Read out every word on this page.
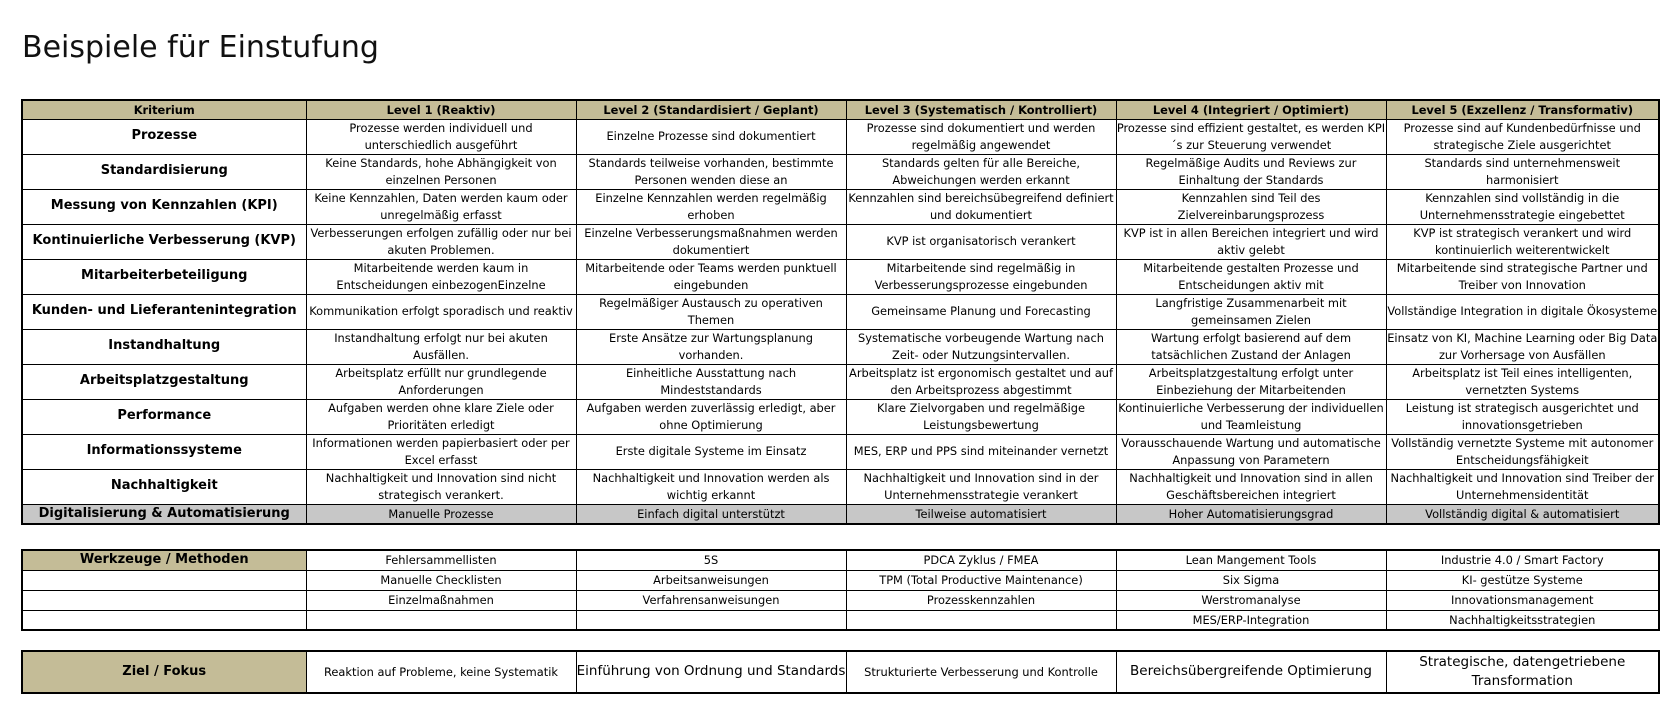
Beispiele für Einstufung
Kriterium	Level 1 (Reaktiv)	Level 2 (Standardisiert / Geplant)	Level 3 (Systematisch / Kontrolliert)	Level 4 (Integriert / Optimiert)	Level 5 (Exzellenz / Transformativ)
Prozesse	Prozesse werden individuell und unterschiedlich ausgeführt	Einzelne Prozesse sind dokumentiert	Prozesse sind dokumentiert und werden regelmäßig angewendet	Prozesse sind effizient gestaltet, es werden KPI´s zur Steuerung verwendet	Prozesse sind auf Kundenbedürfnisse und strategische Ziele ausgerichtet
Standardisierung	Keine Standards, hohe Abhängigkeit von einzelnen Personen	Standards teilweise vorhanden, bestimmte Personen wenden diese an	Standards gelten für alle Bereiche, Abweichungen werden erkannt	Regelmäßige Audits und Reviews zur Einhaltung der Standards	Standards sind unternehmensweit harmonisiert
Messung von Kennzahlen (KPI)	Keine Kennzahlen, Daten werden kaum oder unregelmäßig erfasst	Einzelne Kennzahlen werden regelmäßig erhoben	Kennzahlen sind bereichsübegreifend definiert und dokumentiert	Kennzahlen sind Teil des Zielvereinbarungsprozess	Kennzahlen sind vollständig in die Unternehmensstrategie eingebettet
Kontinuierliche Verbesserung (KVP)	Verbesserungen erfolgen zufällig oder nur bei akuten Problemen.	Einzelne Verbesserungsmaßnahmen werden dokumentiert	KVP ist organisatorisch verankert	KVP ist in allen Bereichen integriert und wird aktiv gelebt	KVP ist strategisch verankert und wird kontinuierlich weiterentwickelt
Mitarbeiterbeteiligung	Mitarbeitende werden kaum in Entscheidungen einbezogenEinzelne	Mitarbeitende oder Teams werden punktuell eingebunden	Mitarbeitende sind regelmäßig in Verbesserungsprozesse eingebunden	Mitarbeitende gestalten Prozesse und Entscheidungen aktiv mit	Mitarbeitende sind strategische Partner und Treiber von Innovation
Kunden- und Lieferantenintegration	Kommunikation erfolgt sporadisch und reaktiv	Regelmäßiger Austausch zu operativen Themen	Gemeinsame Planung und Forecasting	Langfristige Zusammenarbeit mit gemeinsamen Zielen	Vollständige Integration in digitale Ökosysteme
Instandhaltung	Instandhaltung erfolgt nur bei akuten Ausfällen.	Erste Ansätze zur Wartungsplanung vorhanden.	Systematische vorbeugende Wartung nach Zeit- oder Nutzungsintervallen.	Wartung erfolgt basierend auf dem tatsächlichen Zustand der Anlagen	Einsatz von KI, Machine Learning oder Big Data zur Vorhersage von Ausfällen
Arbeitsplatzgestaltung	Arbeitsplatz erfüllt nur grundlegende Anforderungen	Einheitliche Ausstattung nach Mindeststandards	Arbeitsplatz ist ergonomisch gestaltet und auf den Arbeitsprozess abgestimmt	Arbeitsplatzgestaltung erfolgt unter Einbeziehung der Mitarbeitenden	Arbeitsplatz ist Teil eines intelligenten, vernetzten Systems
Performance	Aufgaben werden ohne klare Ziele oder Prioritäten erledigt	Aufgaben werden zuverlässig erledigt, aber ohne Optimierung	Klare Zielvorgaben und regelmäßige Leistungsbewertung	Kontinuierliche Verbesserung der individuellen und Teamleistung	Leistung ist strategisch ausgerichtet und innovationsgetrieben
Informationssysteme	Informationen werden papierbasiert oder per Excel erfasst	Erste digitale Systeme im Einsatz	MES, ERP und PPS sind miteinander vernetzt	Vorausschauende Wartung und automatische Anpassung von Parametern	Vollständig vernetzte Systeme mit autonomer Entscheidungsfähigkeit
Nachhaltigkeit	Nachhaltigkeit und Innovation sind nicht strategisch verankert.	Nachhaltigkeit und Innovation werden als wichtig erkannt	Nachhaltigkeit und Innovation sind in der Unternehmensstrategie verankert	Nachhaltigkeit und Innovation sind in allen Geschäftsbereichen integriert	Nachhaltigkeit und Innovation sind Treiber der Unternehmensidentität
Digitalisierung & Automatisierung	Manuelle Prozesse	Einfach digital unterstützt	Teilweise automatisiert	Hoher Automatisierungsgrad	Vollständig digital & automatisiert
Werkzeuge / Methoden	Fehlersammellisten	5S	PDCA Zyklus / FMEA	Lean Mangement Tools	Industrie 4.0 / Smart Factory
	Manuelle Checklisten	Arbeitsanweisungen	TPM (Total Productive Maintenance)	Six Sigma	KI- gestütze Systeme
	Einzelmaßnahmen	Verfahrensanweisungen	Prozesskennzahlen	Werstromanalyse	Innovationsmanagement
				MES/ERP-Integration	Nachhaltigkeitsstrategien
Ziel / Fokus	Reaktion auf Probleme, keine Systematik	Einführung von Ordnung und Standards	Strukturierte Verbesserung und Kontrolle	Bereichsübergreifende Optimierung	Strategische, datengetriebene Transformation
